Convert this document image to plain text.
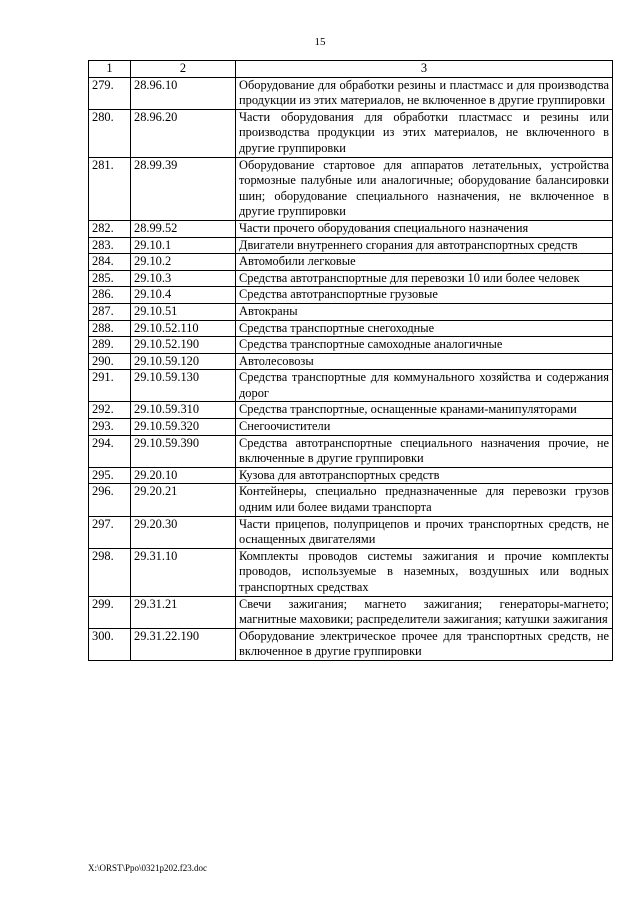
15
1	2	3
279.	28.96.10	Оборудование для обработки резины и пластмасс и для производства продукции из этих материалов, не включенное в другие группировки
280.	28.96.20	Части оборудования для обработки пластмасс и резины или производства продукции из этих материалов, не включенного в другие группировки
281.	28.99.39	Оборудование стартовое для аппаратов летательных, устройства тормозные палубные или аналогичные; оборудование балансировки шин; оборудование специального назначения, не включенное в другие группировки
282.	28.99.52	Части прочего оборудования специального назначения
283.	29.10.1	Двигатели внутреннего сгорания для автотранспортных средств
284.	29.10.2	Автомобили легковые
285.	29.10.3	Средства автотранспортные для перевозки 10 или более человек
286.	29.10.4	Средства автотранспортные грузовые
287.	29.10.51	Автокраны
288.	29.10.52.110	Средства транспортные снегоходные
289.	29.10.52.190	Средства транспортные самоходные аналогичные
290.	29.10.59.120	Автолесовозы
291.	29.10.59.130	Средства транспортные для коммунального хозяйства и содержания дорог
292.	29.10.59.310	Средства транспортные, оснащенные кранами-манипуляторами
293.	29.10.59.320	Снегоочистители
294.	29.10.59.390	Средства автотранспортные специального назначения прочие, не включенные в другие группировки
295.	29.20.10	Кузова для автотранспортных средств
296.	29.20.21	Контейнеры, специально предназначенные для перевозки грузов одним или более видами транспорта
297.	29.20.30	Части прицепов, полуприцепов и прочих транспортных средств, не оснащенных двигателями
298.	29.31.10	Комплекты проводов системы зажигания и прочие комплекты проводов, используемые в наземных, воздушных или водных транспортных средствах
299.	29.31.21	Свечи зажигания; магнето зажигания; генераторы-магнето; магнитные маховики; распределители зажигания; катушки зажигания
300.	29.31.22.190	Оборудование электрическое прочее для транспортных средств, не включенное в другие группировки
X:\ORST\Ppo\0321p202.f23.doc
